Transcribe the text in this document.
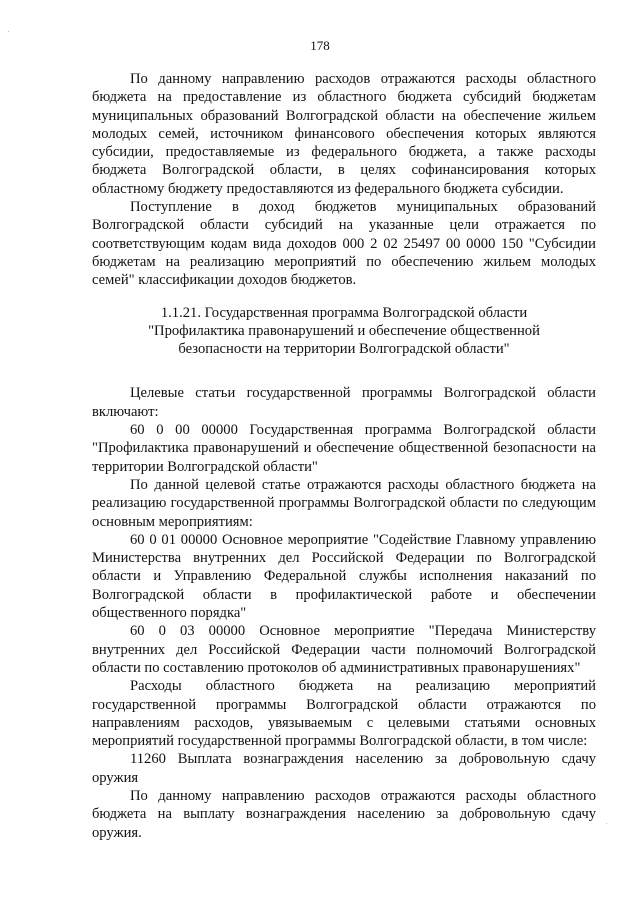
178

По данному направлению расходов отражаются расходы областного бюджета на предоставление из областного бюджета субсидий бюджетам муниципальных образований Волгоградской области на обеспечение жильем молодых семей, источником финансового обеспечения которых являются субсидии, предоставляемые из федерального бюджета, а также расходы бюджета Волгоградской области, в целях софинансирования которых областному бюджету предоставляются из федерального бюджета субсидии.

Поступление в доход бюджетов муниципальных образований Волгоградской области субсидий на указанные цели отражается по соответствующим кодам вида доходов 000 2 02 25497 00 0000 150 "Субсидии бюджетам на реализацию мероприятий по обеспечению жильем молодых семей" классификации доходов бюджетов.

1.1.21. Государственная программа Волгоградской области
"Профилактика правонарушений и обеспечение общественной
безопасности на территории Волгоградской области"

Целевые статьи государственной программы Волгоградской области включают:

60 0 00 00000 Государственная программа Волгоградской области "Профилактика правонарушений и обеспечение общественной безопасности на территории Волгоградской области"

По данной целевой статье отражаются расходы областного бюджета на реализацию государственной программы Волгоградской области по следующим основным мероприятиям:

60 0 01 00000 Основное мероприятие "Содействие Главному управлению Министерства внутренних дел Российской Федерации по Волгоградской области и Управлению Федеральной службы исполнения наказаний по Волгоградской области в профилактической работе и обеспечении общественного порядка"

60 0 03 00000 Основное мероприятие "Передача Министерству внутренних дел Российской Федерации части полномочий Волгоградской области по составлению протоколов об административных правонарушениях"

Расходы областного бюджета на реализацию мероприятий государственной программы Волгоградской области отражаются по направлениям расходов, увязываемым с целевыми статьями основных мероприятий государственной программы Волгоградской области, в том числе:

11260 Выплата вознаграждения населению за добровольную сдачу оружия

По данному направлению расходов отражаются расходы областного бюджета на выплату вознаграждения населению за добровольную сдачу оружия.

.
.
